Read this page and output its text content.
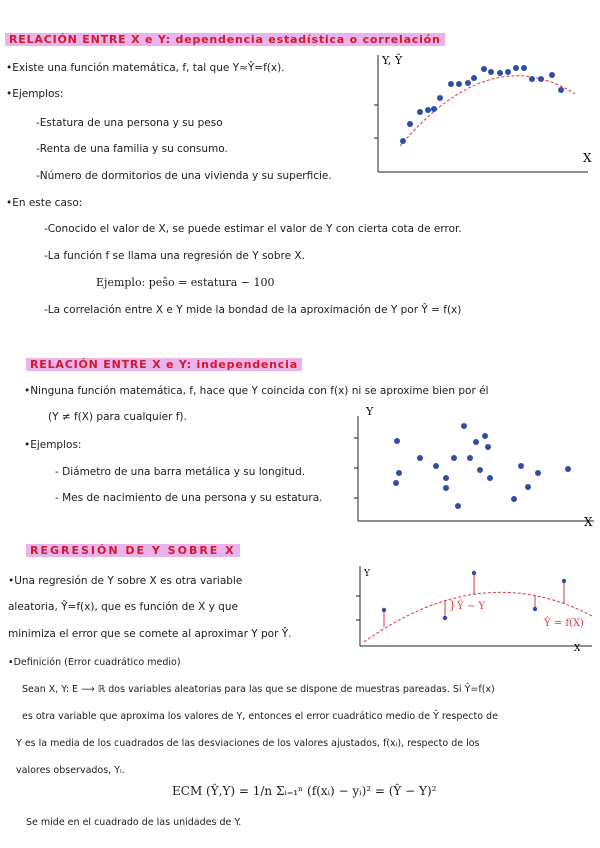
RELACIÓN ENTRE X e Y: dependencia estadística o correlación
•Existe una función matemática, f, tal que Y≈Ŷ=f(x).
•Ejemplos:
-Estatura de una persona y su peso
-Renta de una familia y su consumo.
-Número de dormitorios de una vivienda y su superficie.
•En este caso:
-Conocido el valor de X, se puede estimar el valor de Y con cierta cota de error.
-La función f se llama una regresión de Y sobre X.
Ejemplo: peŝo = estatura − 100
-La correlación entre X e Y mide la bondad de la aproximación de Y por Ŷ = f(x)
Y, Ŷ
X
RELACIÓN ENTRE X e Y: independencia
•Ninguna función matemática, f, hace que Y coincida con f(x) ni se aproxime bien por él
(Y ≠ f(X) para cualquier f).
•Ejemplos:
- Diámetro de una barra metálica y su longitud.
- Mes de nacimiento de una persona y su estatura.
Y
X
REGRESIÓN DE Y SOBRE X
•Una regresión de Y sobre X es otra variable
aleatoria, Ŷ=f(x), que es función de X y que
minimiza el error que se comete al aproximar Y por Ŷ.
•Definición (Error cuadrático medio)
Sean X, Y: E ⟶ ℝ dos variables aleatorias para las que se dispone de muestras pareadas. Si Ŷ=f(x)
es otra variable que aproxima los valores de Y, entonces el error cuadrático medio de Ŷ respecto de
Y es la media de los cuadrados de las desviaciones de los valores ajustados, f(xᵢ), respecto de los
valores observados, Yᵢ.
ECM (Ŷ,Y) = 1/n Σᵢ₌₁ⁿ (f(xᵢ) − yᵢ)² = (Ŷ − Y)²
Se mide en el cuadrado de las unidades de Y.
Y
X
} Ŷ − Y
Ŷ = f(X)
